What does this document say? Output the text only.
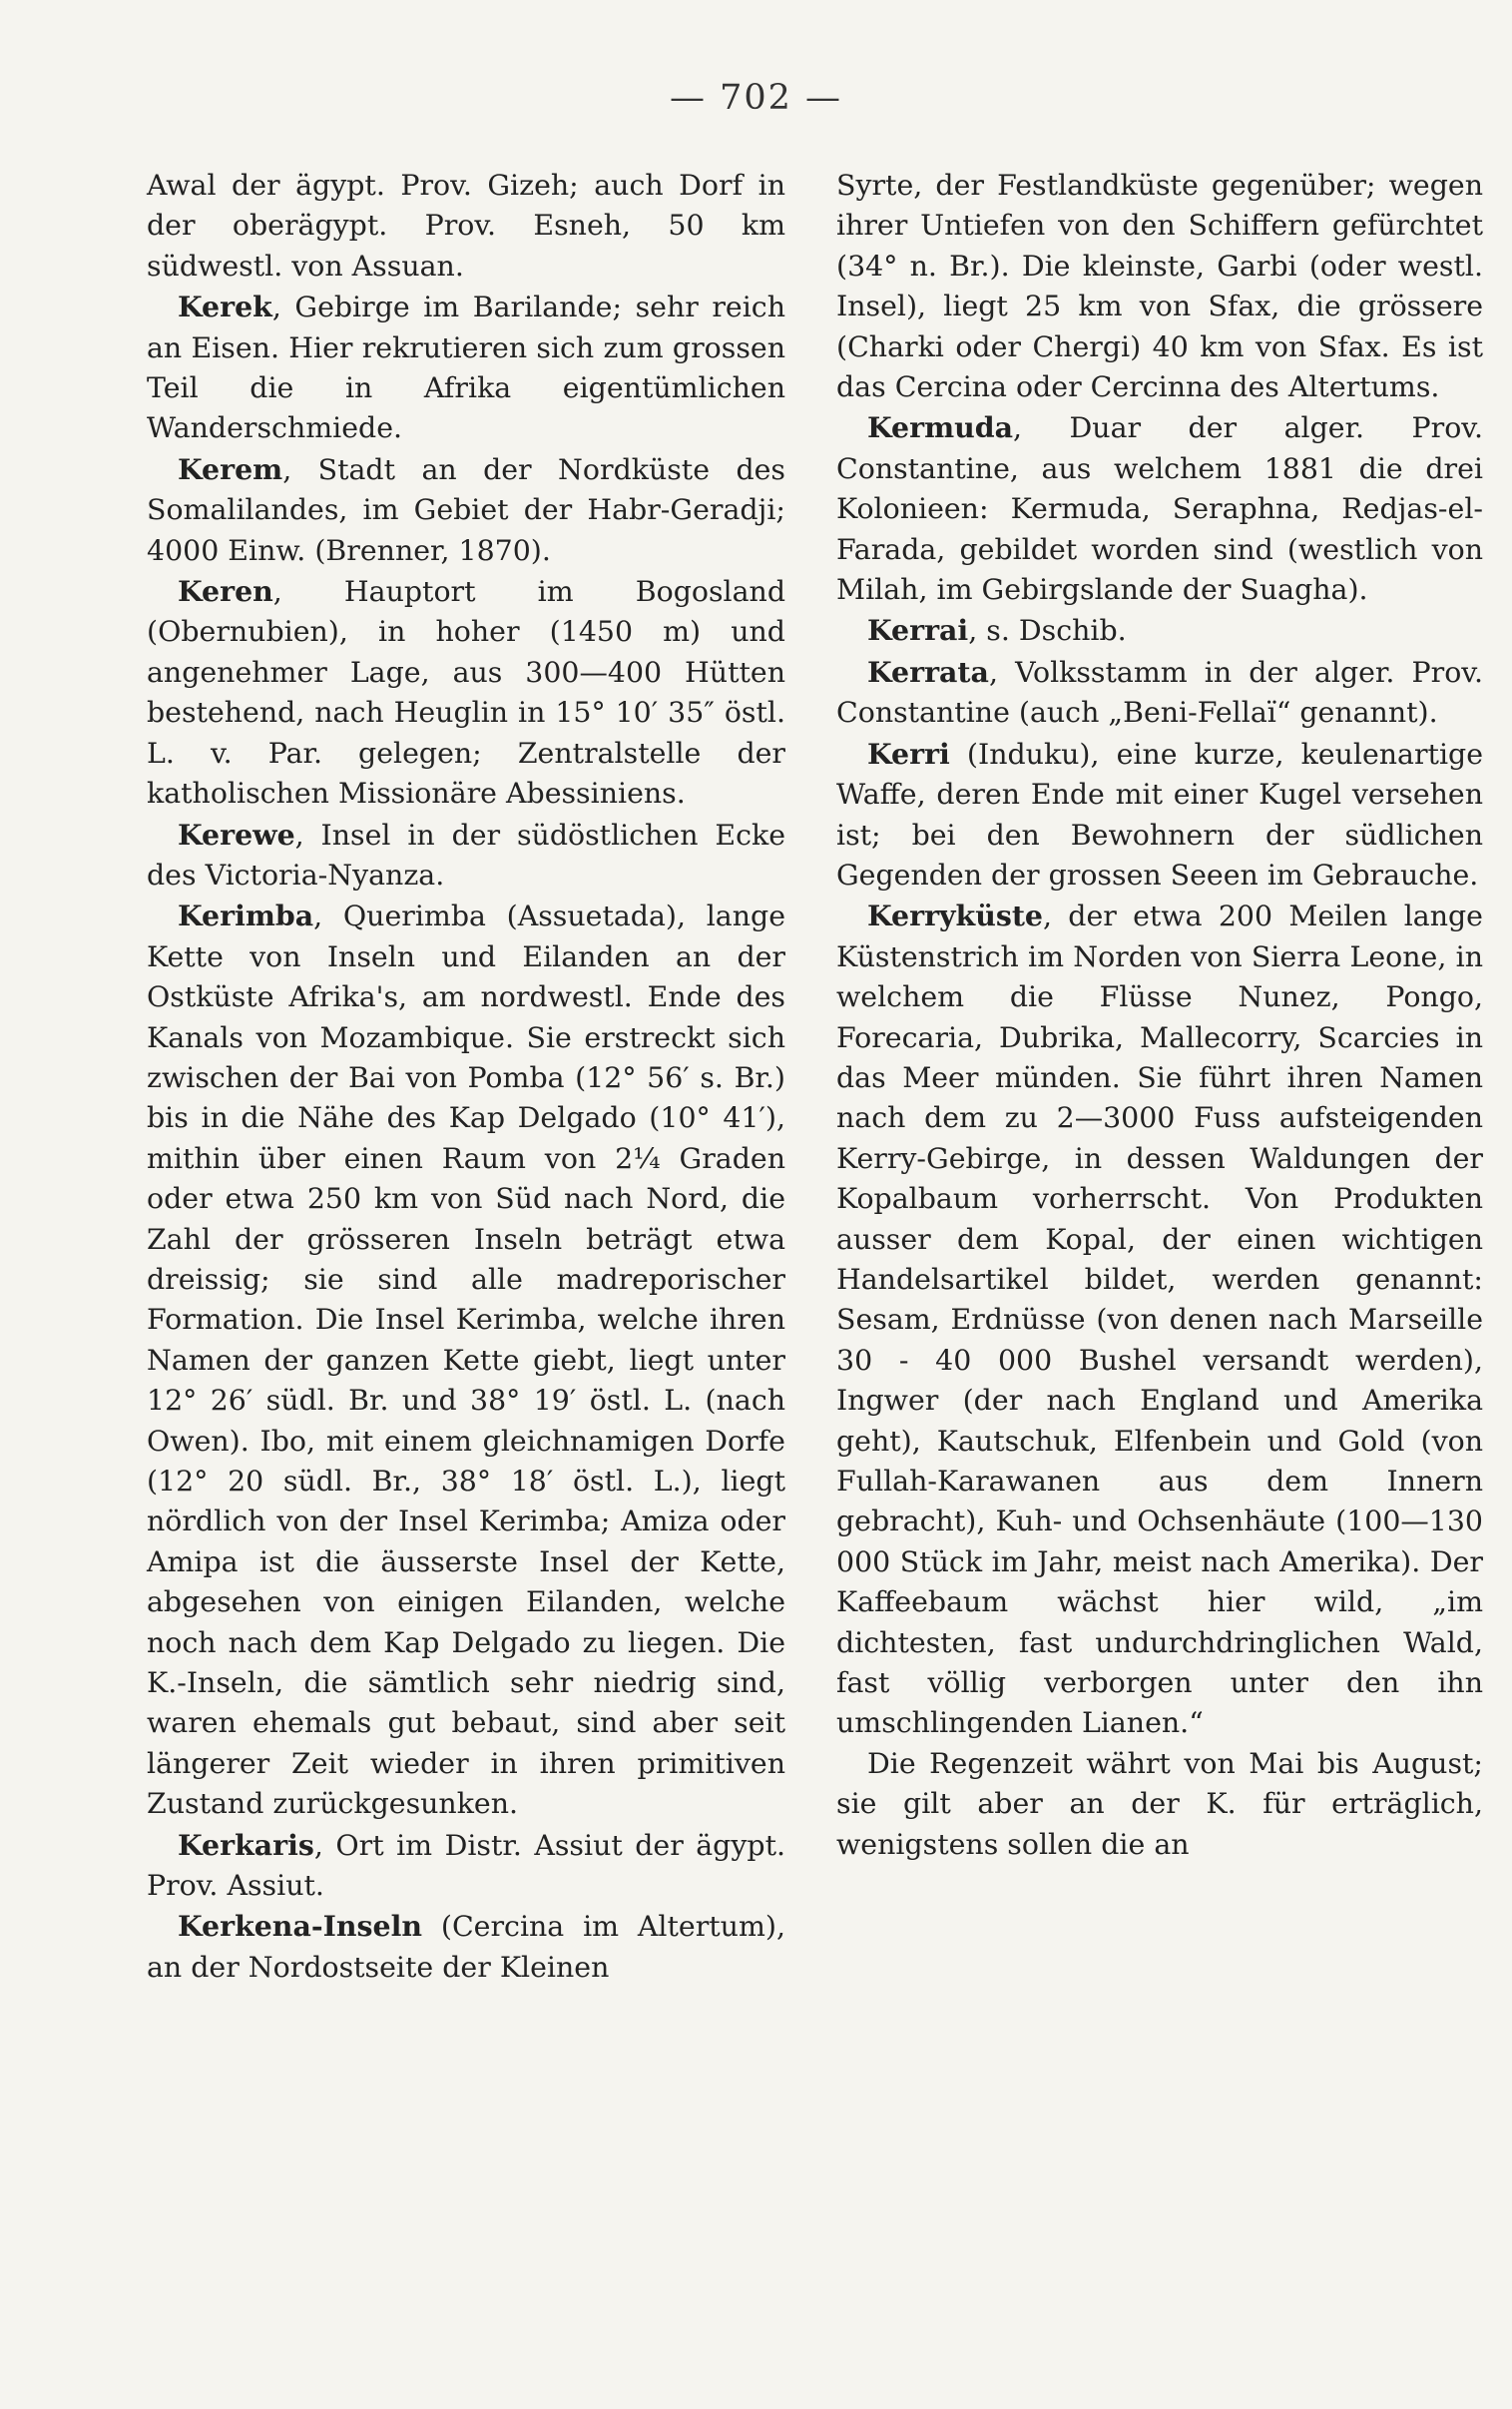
— 702 —

Awal der ägypt. Prov. Gizeh; auch Dorf in der oberägypt. Prov. Esneh, 50 km südwestl. von Assuan.

Kerek, Gebirge im Barilande; sehr reich an Eisen. Hier rekrutieren sich zum grossen Teil die in Afrika eigentümlichen Wanderschmiede.

Kerem, Stadt an der Nordküste des Somalilandes, im Gebiet der Habr-Geradji; 4000 Einw. (Brenner, 1870).

Keren, Hauptort im Bogosland (Obernubien), in hoher (1450 m) und angenehmer Lage, aus 300—400 Hütten bestehend, nach Heuglin in 15° 10′ 35″ östl. L. v. Par. gelegen; Zentralstelle der katholischen Missionäre Abessiniens.

Kerewe, Insel in der südöstlichen Ecke des Victoria-Nyanza.

Kerimba, Querimba (Assuetada), lange Kette von Inseln und Eilanden an der Ostküste Afrika's, am nordwestl. Ende des Kanals von Mozambique. Sie erstreckt sich zwischen der Bai von Pomba (12° 56′ s. Br.) bis in die Nähe des Kap Delgado (10° 41′), mithin über einen Raum von 2¼ Graden oder etwa 250 km von Süd nach Nord, die Zahl der grösseren Inseln beträgt etwa dreissig; sie sind alle madreporischer Formation. Die Insel Kerimba, welche ihren Namen der ganzen Kette giebt, liegt unter 12° 26′ südl. Br. und 38° 19′ östl. L. (nach Owen). Ibo, mit einem gleichnamigen Dorfe (12° 20 südl. Br., 38° 18′ östl. L.), liegt nördlich von der Insel Kerimba; Amiza oder Amipa ist die äusserste Insel der Kette, abgesehen von einigen Eilanden, welche noch nach dem Kap Delgado zu liegen. Die K.-Inseln, die sämtlich sehr niedrig sind, waren ehemals gut bebaut, sind aber seit längerer Zeit wieder in ihren primitiven Zustand zurückgesunken.

Kerkaris, Ort im Distr. Assiut der ägypt. Prov. Assiut.

Kerkena-Inseln (Cercina im Altertum), an der Nordostseite der Kleinen

Syrte, der Festlandküste gegenüber; wegen ihrer Untiefen von den Schiffern gefürchtet (34° n. Br.). Die kleinste, Garbi (oder westl. Insel), liegt 25 km von Sfax, die grössere (Charki oder Chergi) 40 km von Sfax. Es ist das Cercina oder Cercinna des Altertums.

Kermuda, Duar der alger. Prov. Constantine, aus welchem 1881 die drei Kolonieen: Kermuda, Seraphna, Redjas-el-Farada, gebildet worden sind (westlich von Milah, im Gebirgslande der Suagha).

Kerrai, s. Dschib.

Kerrata, Volksstamm in der alger. Prov. Constantine (auch „Beni-Fellaï“ genannt).

Kerri (Induku), eine kurze, keulenartige Waffe, deren Ende mit einer Kugel versehen ist; bei den Bewohnern der südlichen Gegenden der grossen Seeen im Gebrauche.

Kerryküste, der etwa 200 Meilen lange Küstenstrich im Norden von Sierra Leone, in welchem die Flüsse Nunez, Pongo, Forecaria, Dubrika, Mallecorry, Scarcies in das Meer münden. Sie führt ihren Namen nach dem zu 2—3000 Fuss aufsteigenden Kerry-Gebirge, in dessen Waldungen der Kopalbaum vorherrscht. Von Produkten ausser dem Kopal, der einen wichtigen Handelsartikel bildet, werden genannt: Sesam, Erdnüsse (von denen nach Marseille 30 - 40 000 Bushel versandt werden), Ingwer (der nach England und Amerika geht), Kautschuk, Elfenbein und Gold (von Fullah-Karawanen aus dem Innern gebracht), Kuh- und Ochsenhäute (100—130 000 Stück im Jahr, meist nach Amerika). Der Kaffeebaum wächst hier wild, „im dichtesten, fast undurchdringlichen Wald, fast völlig verborgen unter den ihn umschlingenden Lianen.“

Die Regenzeit währt von Mai bis August; sie gilt aber an der K. für erträglich, wenigstens sollen die an
